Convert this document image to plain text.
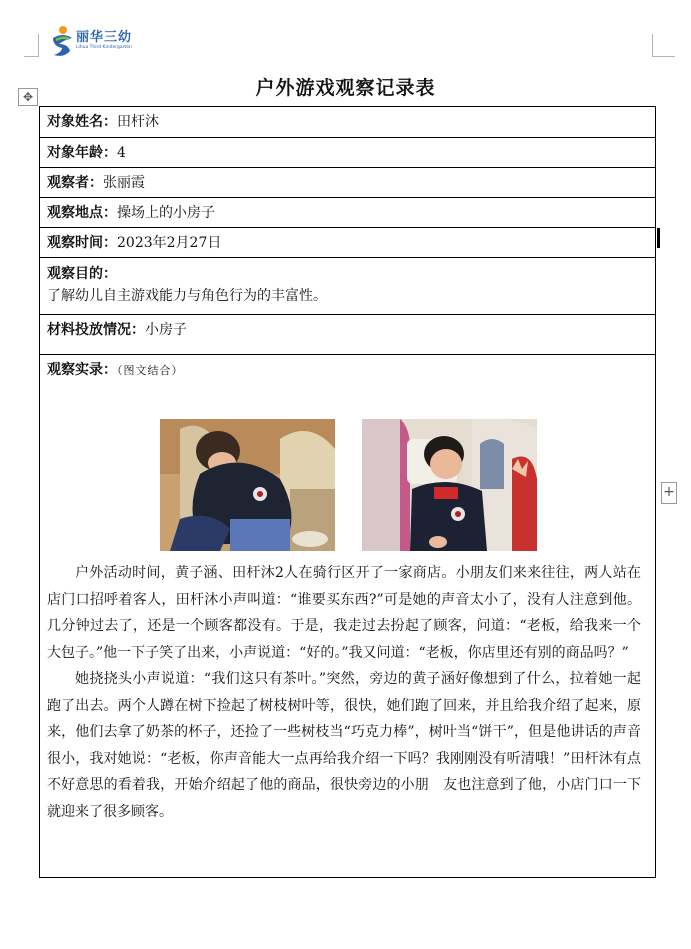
丽华三幼
Lihua Third Kindergarten
✥
+
户外游戏观察记录表
对象姓名：田杆沐
对象年龄：4
观察者：张丽霞
观察地点：操场上的小房子
观察时间：2023年2月27日
观察目的：
了解幼儿自主游戏能力与角色行为的丰富性。
材料投放情况：小房子
观察实录：（图文结合）

户外活动时间，黄子涵、田杆沐2人在骑行区开了一家商店。小朋友们来来往往，两人站在店门口招呼着客人，田杆沐小声叫道：“谁要买东西?”可是她的声音太小了，没有人注意到他。几分钟过去了，还是一个顾客都没有。于是，我走过去扮起了顾客，问道：“老板，给我来一个大包子。”他一下子笑了出来，小声说道：“好的。”我又问道：“老板，你店里还有别的商品吗？”

她挠挠头小声说道：“我们这只有茶叶。”突然，旁边的黄子涵好像想到了什么，拉着她一起跑了出去。两个人蹲在树下捡起了树枝树叶等，很快，她们跑了回来，并且给我介绍了起来，原来，他们去拿了奶茶的杯子，还捡了一些树枝当“巧克力棒”，树叶当“饼干”，但是他讲话的声音很小，我对她说：“老板，你声音能大一点再给我介绍一下吗？我刚刚没有听清哦！”田杆沐有点不好意思的看着我，开始介绍起了他的商品，很快旁边的小朋　友也注意到了他，小店门口一下就迎来了很多顾客。
